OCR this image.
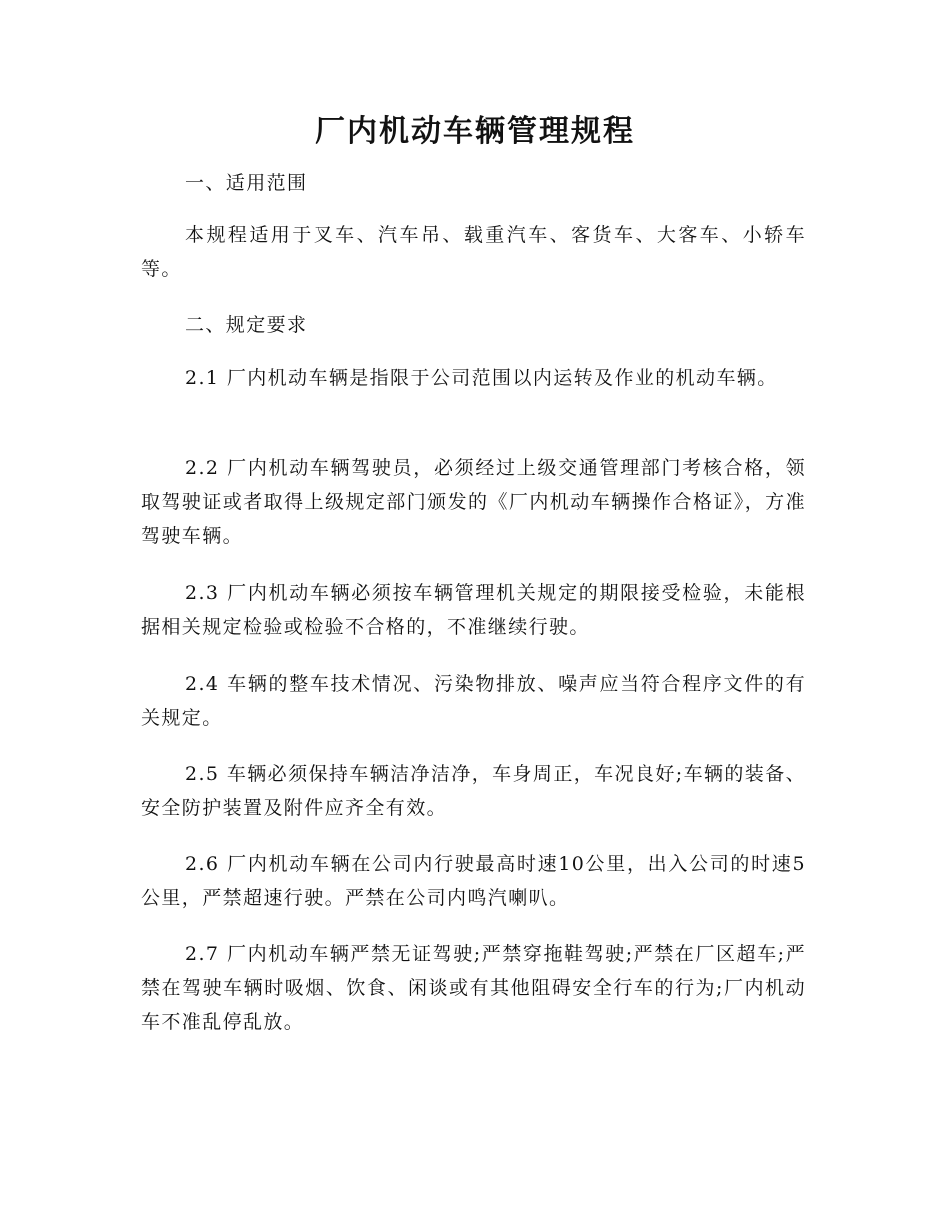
厂内机动车辆管理规程

一、适用范围

本规程适用于叉车、汽车吊、载重汽车、客货车、大客车、小轿车等。

二、规定要求

2.1 厂内机动车辆是指限于公司范围以内运转及作业的机动车辆。

2.2 厂内机动车辆驾驶员，必须经过上级交通管理部门考核合格，领取驾驶证或者取得上级规定部门颁发的《厂内机动车辆操作合格证》，方准驾驶车辆。

2.3 厂内机动车辆必须按车辆管理机关规定的期限接受检验，未能根据相关规定检验或检验不合格的，不准继续行驶。

2.4 车辆的整车技术情况、污染物排放、噪声应当符合程序文件的有关规定。

2.5 车辆必须保持车辆洁净洁净，车身周正，车况良好;车辆的装备、安全防护装置及附件应齐全有效。

2.6 厂内机动车辆在公司内行驶最高时速10公里，出入公司的时速5公里，严禁超速行驶。严禁在公司内鸣汽喇叭。

2.7 厂内机动车辆严禁无证驾驶;严禁穿拖鞋驾驶;严禁在厂区超车;严禁在驾驶车辆时吸烟、饮食、闲谈或有其他阻碍安全行车的行为;厂内机动车不准乱停乱放。
